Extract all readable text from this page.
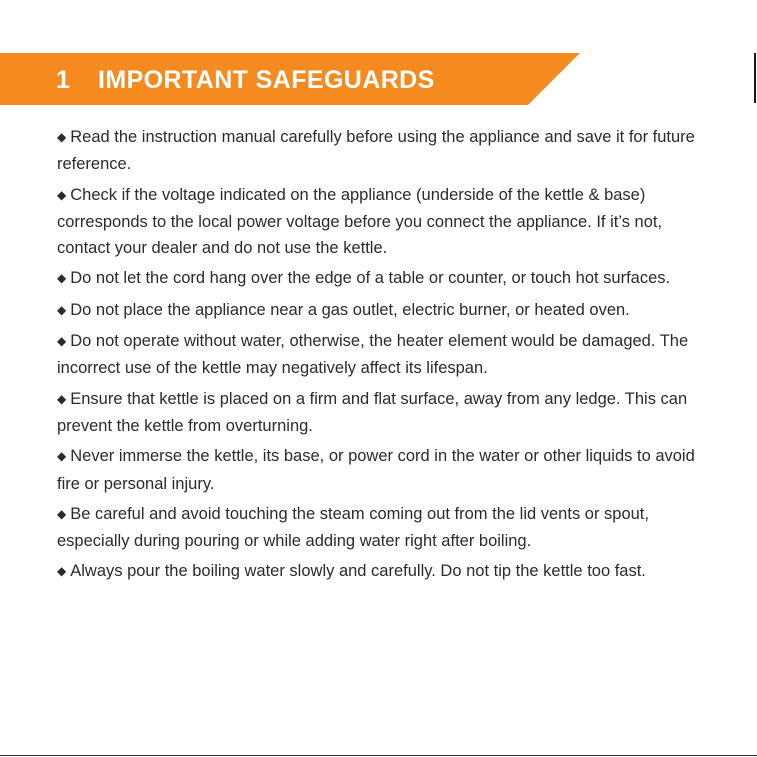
1 IMPORTANT SAFEGUARDS
◆ Read the instruction manual carefully before using the appliance and save it for future reference.
◆ Check if the voltage indicated on the appliance (underside of the kettle & base) corresponds to the local power voltage before you connect the appliance. If it’s not, contact your dealer and do not use the kettle.
◆ Do not let the cord hang over the edge of a table or counter, or touch hot surfaces.
◆ Do not place the appliance near a gas outlet, electric burner, or heated oven.
◆ Do not operate without water, otherwise, the heater element would be damaged. The incorrect use of the kettle may negatively affect its lifespan.
◆ Ensure that kettle is placed on a firm and flat surface, away from any ledge. This can prevent the kettle from overturning.
◆ Never immerse the kettle, its base, or power cord in the water or other liquids to avoid fire or personal injury.
◆ Be careful and avoid touching the steam coming out from the lid vents or spout, especially during pouring or while adding water right after boiling.
◆ Always pour the boiling water slowly and carefully. Do not tip the kettle too fast.
